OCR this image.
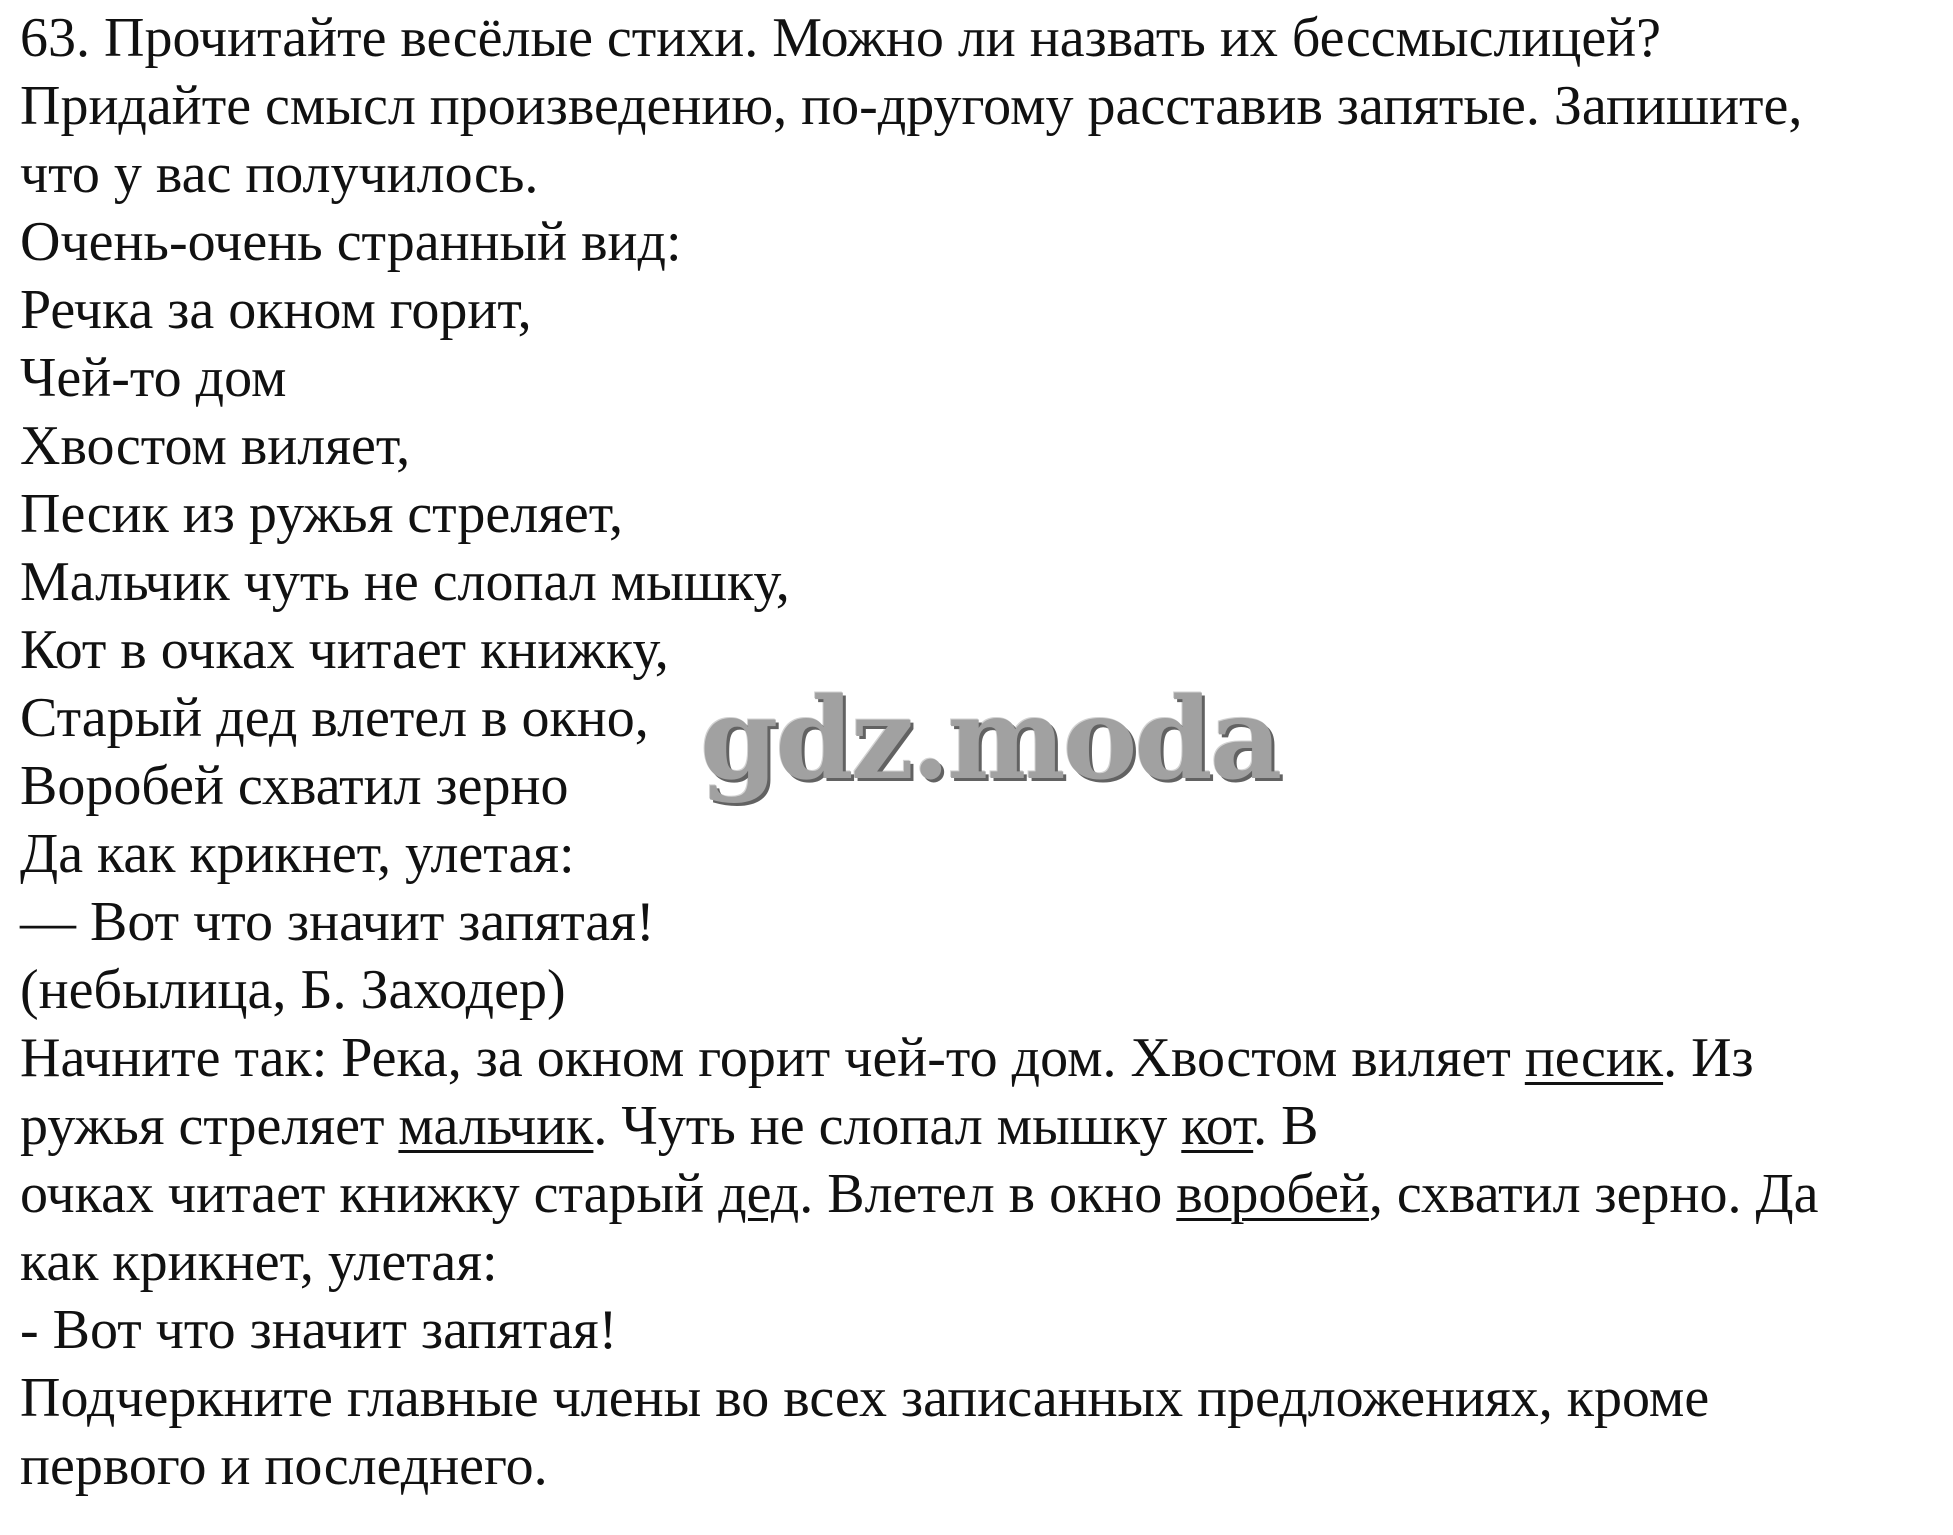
63. Прочитайте весёлые стихи. Можно ли назвать их бессмыслицей?
Придайте смысл произведению, по-другому расставив запятые. Запишите,
что у вас получилось.
Очень-очень странный вид:
Речка за окном горит,
Чей-то дом
Хвостом виляет,
Песик из ружья стреляет,
Мальчик чуть не слопал мышку,
Кот в очках читает книжку,
Старый дед влетел в окно,
Воробей схватил зерно
Да как крикнет, улетая:
— Вот что значит запятая!
(небылица, Б. Заходер)
Начните так: Река, за окном горит чей-то дом. Хвостом виляет песик. Из
ружья стреляет мальчик. Чуть не слопал мышку кот. В
очках читает книжку старый дед. Влетел в окно воробей, схватил зерно. Да
как крикнет, улетая:
- Вот что значит запятая!
Подчеркните главные члены во всех записанных предложениях, кроме
первого и последнего.
gdz.moda
